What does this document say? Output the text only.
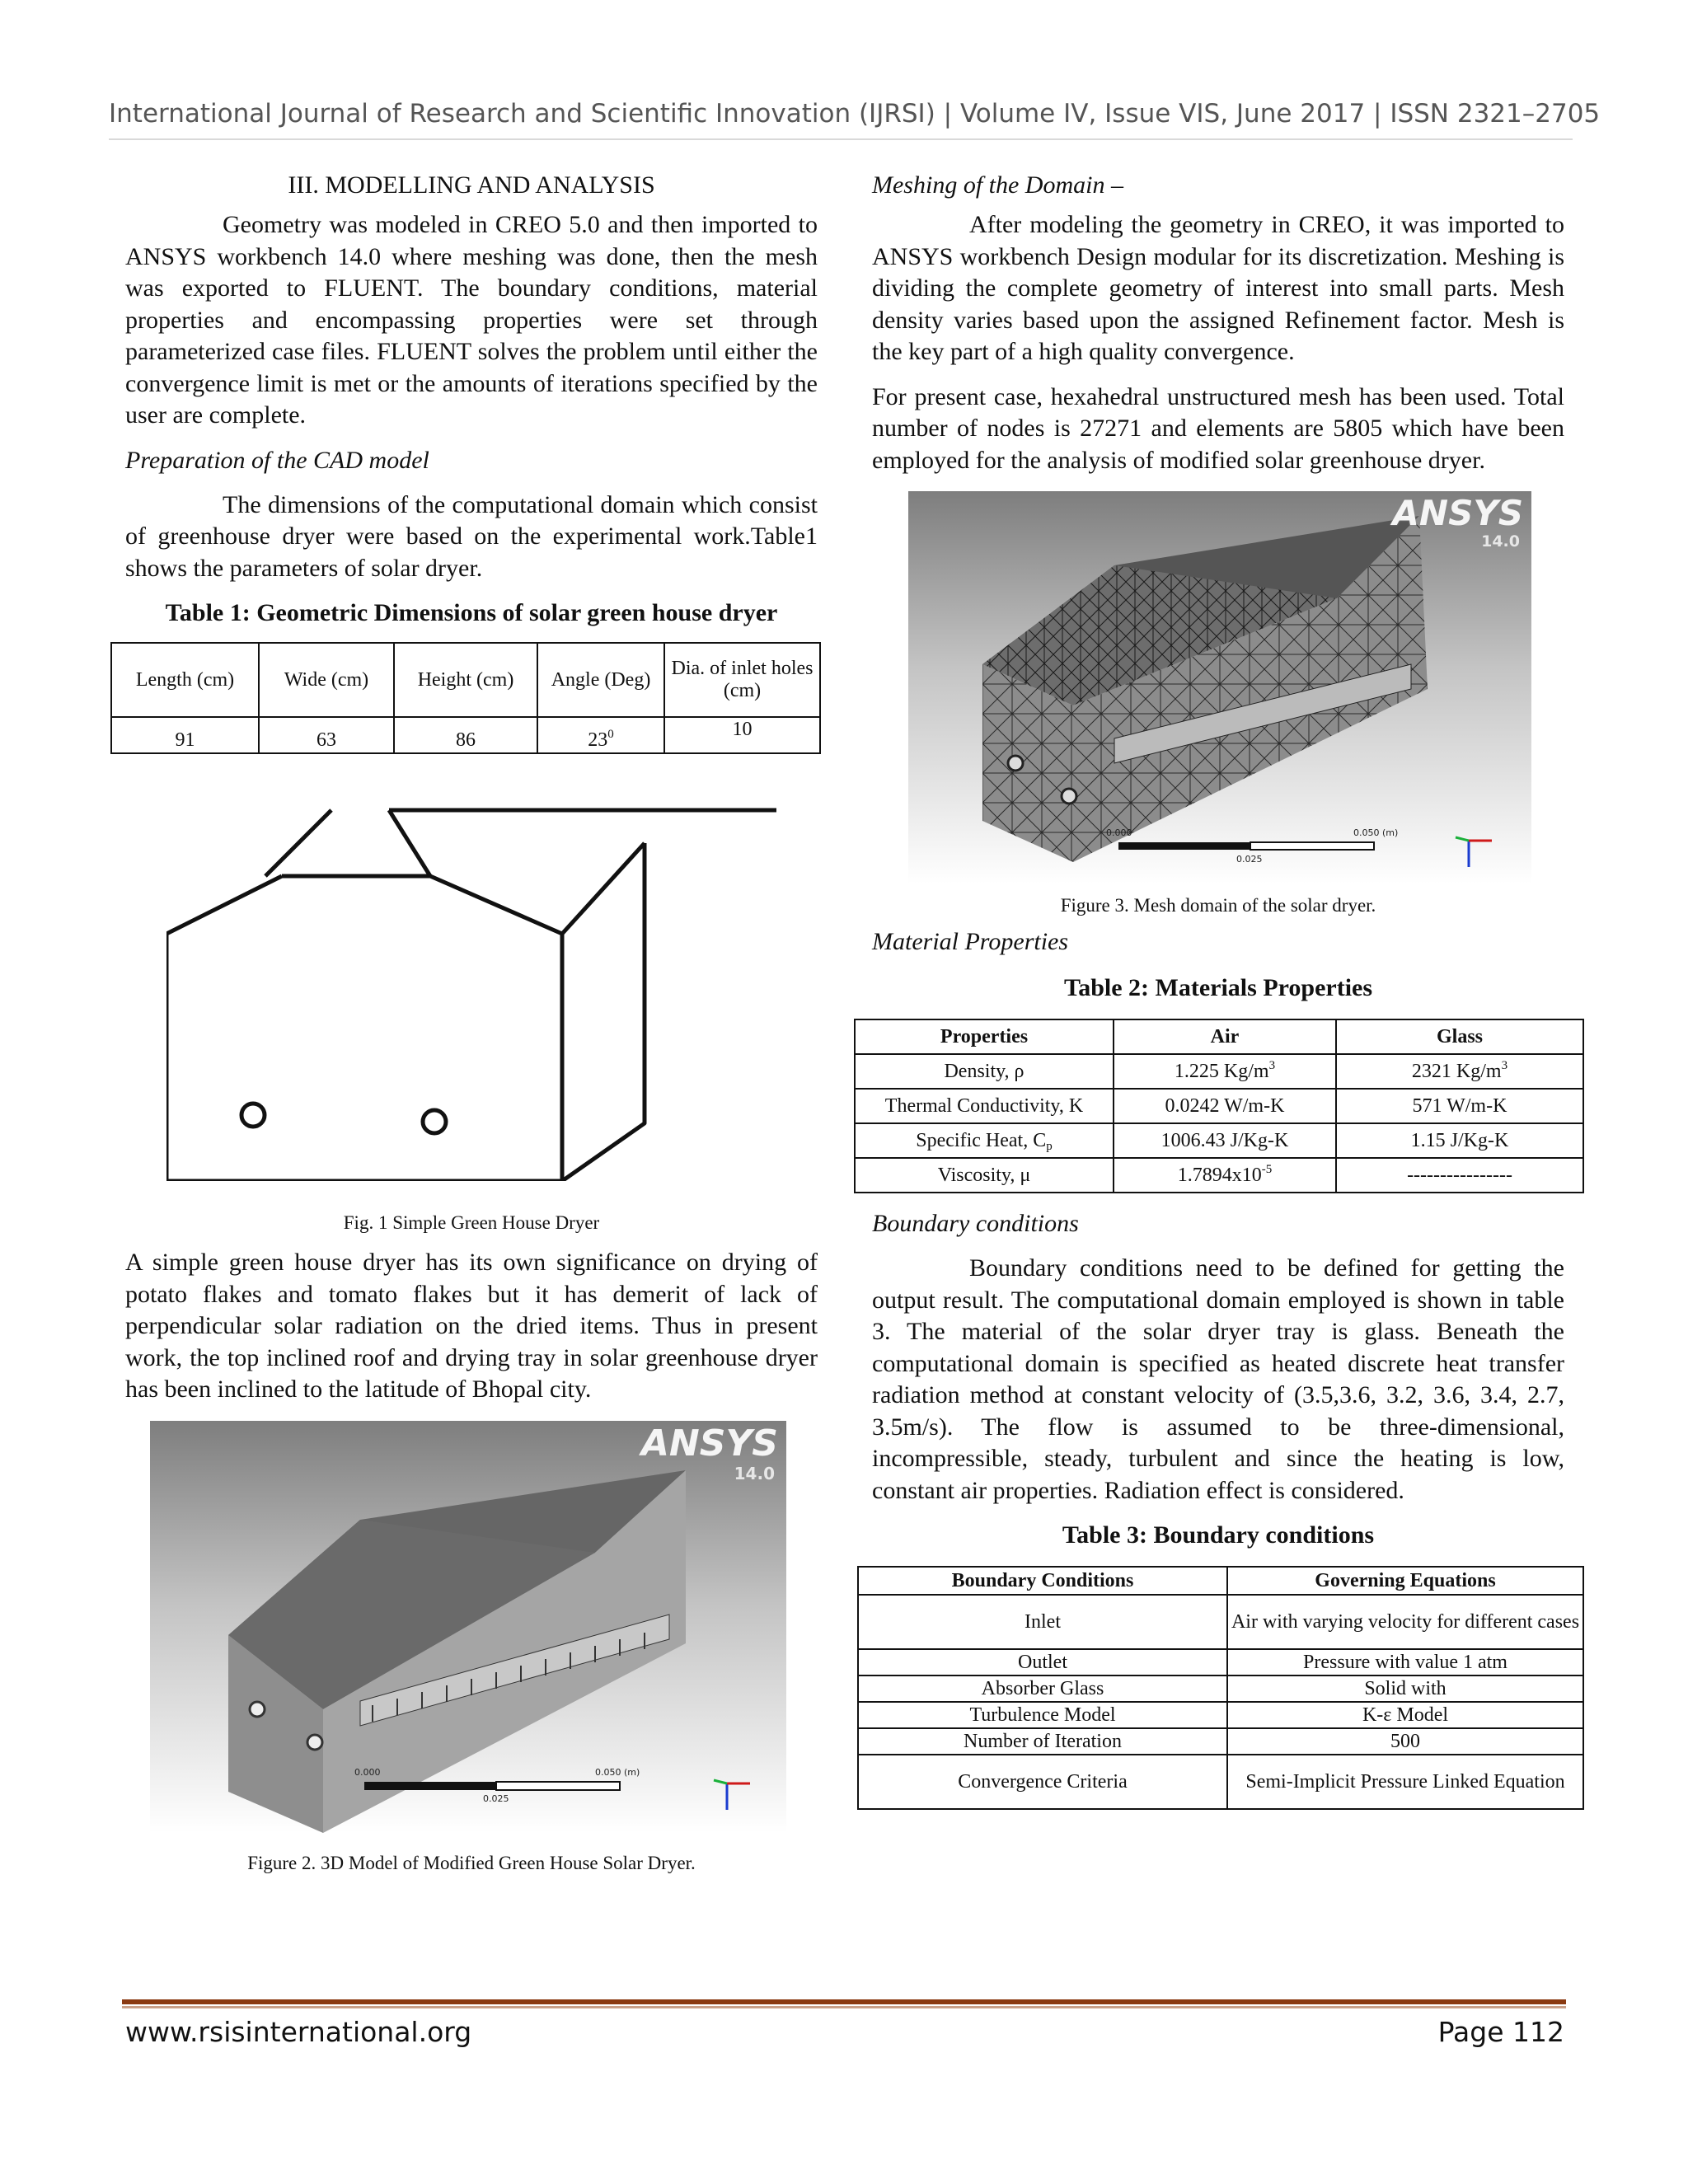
International Journal of Research and Scientific Innovation (IJRSI) | Volume IV, Issue VIS, June 2017 | ISSN 2321–2705
III. MODELLING AND ANALYSIS

Geometry was modeled in CREO 5.0 and then imported to ANSYS workbench 14.0 where meshing was done, then the mesh was exported to FLUENT. The boundary conditions, material properties and encompassing properties were set through parameterized case files. FLUENT solves the problem until either the convergence limit is met or the amounts of iterations specified by the user are complete.

Preparation of the CAD model

The dimensions of the computational domain which consist of greenhouse dryer were based on the experimental work.Table1 shows the parameters of solar dryer.

Table 1: Geometric Dimensions of solar green house dryer
Length (cm)	Wide (cm)	Height (cm)	Angle (Deg)	Dia. of inlet holes (cm)
91	63	86	$23^0$	10
Fig. 1 Simple Green House Dryer

A simple green house dryer has its own significance on drying of potato flakes and tomato flakes but it has demerit of lack of perpendicular solar radiation on the dried items. Thus in present work, the top inclined roof and drying tray in solar greenhouse dryer has been inclined to the latitude of Bhopal city.

ANSYS
14.0
0.000	0.050 (m)
0.025
Figure 2. 3D Model of Modified Green House Solar Dryer.
Meshing of the Domain –

After modeling the geometry in CREO, it was imported to ANSYS workbench Design modular for its discretization. Meshing is dividing the complete geometry of interest into small parts. Mesh density varies based upon the assigned Refinement factor. Mesh is the key part of a high quality convergence.

For present case, hexahedral unstructured mesh has been used. Total number of nodes is 27271 and elements are 5805 which have been employed for the analysis of modified solar greenhouse dryer.

ANSYS
14.0
0.000	0.050 (m)
0.025
Figure 3. Mesh domain of the solar dryer.
Material Properties
Table 2: Materials Properties
Properties	Air	Glass
Density, ρ	1.225 $Kg/m^3$	2321 $Kg/m^3$
Thermal Conductivity, K	0.0242 W/m-K	571 W/m-K
Specific Heat, $C_p$	1006.43 J/Kg-K	1.15 J/Kg-K
Viscosity, μ	$1.7894x10^{-5}$	----------------
Boundary conditions

Boundary conditions need to be defined for getting the output result. The computational domain employed is shown in table 3. The material of the solar dryer tray is glass. Beneath the computational domain is specified as heated discrete heat transfer radiation method at constant velocity of (3.5,3.6, 3.2, 3.6, 3.4, 2.7, 3.5m/s). The flow is assumed to be three-dimensional, incompressible, steady, turbulent and since the heating is low, constant air properties. Radiation effect is considered.

Table 3: Boundary conditions
Boundary Conditions	Governing Equations
Inlet	Air with varying velocity for different cases
Outlet	Pressure with value 1 atm
Absorber Glass	Solid with
Turbulence Model	K-ε Model
Number of Iteration	500
Convergence Criteria	Semi-Implicit Pressure Linked Equation
www.rsisinternational.org	Page 112
